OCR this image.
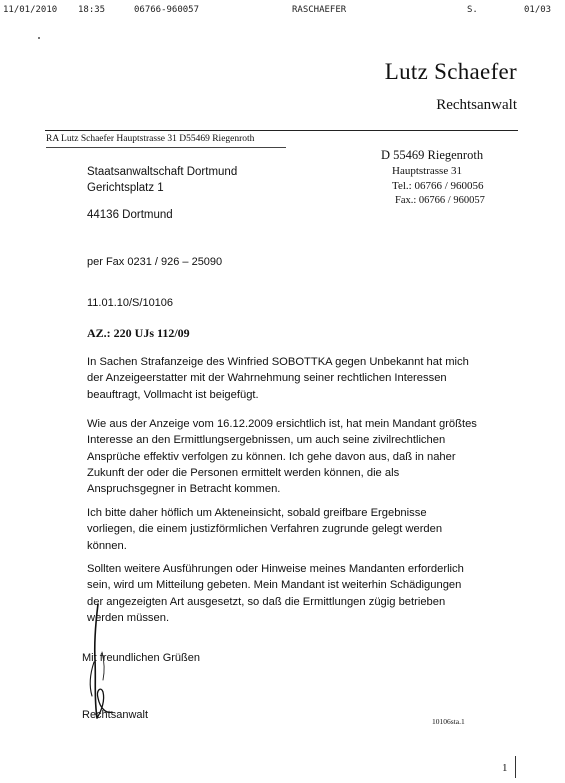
11/01/2010 18:35	06766-960057	RASCHAEFER	S.	01/03
Lutz Schaefer
Rechtsanwalt
RA Lutz Schaefer Hauptstrasse 31 D55469 Riegenroth
D 55469 Riegenroth
Hauptstrasse 31
Tel.: 06766 / 960056
Fax.: 06766 / 960057
Staatsanwaltschaft Dortmund
Gerichtsplatz 1
44136 Dortmund
per Fax 0231 / 926 – 25090
11.01.10/S/10106
AZ.: 220 UJs 112/09
In Sachen Strafanzeige des Winfried SOBOTTKA gegen Unbekannt hat mich
der Anzeigeerstatter mit der Wahrnehmung seiner rechtlichen Interessen
beauftragt, Vollmacht ist beigefügt.
Wie aus der Anzeige vom 16.12.2009 ersichtlich ist, hat mein Mandant größtes
Interesse an den Ermittlungsergebnissen, um auch seine zivilrechtlichen
Ansprüche effektiv verfolgen zu können. Ich gehe davon aus, daß in naher
Zukunft der oder die Personen ermittelt werden können, die als
Anspruchsgegner in Betracht kommen.
Ich bitte daher höflich um Akteneinsicht, sobald greifbare Ergebnisse
vorliegen, die einem justizförmlichen Verfahren zugrunde gelegt werden
können.
Sollten weitere Ausführungen oder Hinweise meines Mandanten erforderlich
sein, wird um Mitteilung gebeten. Mein Mandant ist weiterhin Schädigungen
der angezeigten Art ausgesetzt, so daß die Ermittlungen zügig betrieben
werden müssen.
Mit freundlichen Grüßen
Rechtsanwalt
10106sta.1
1
